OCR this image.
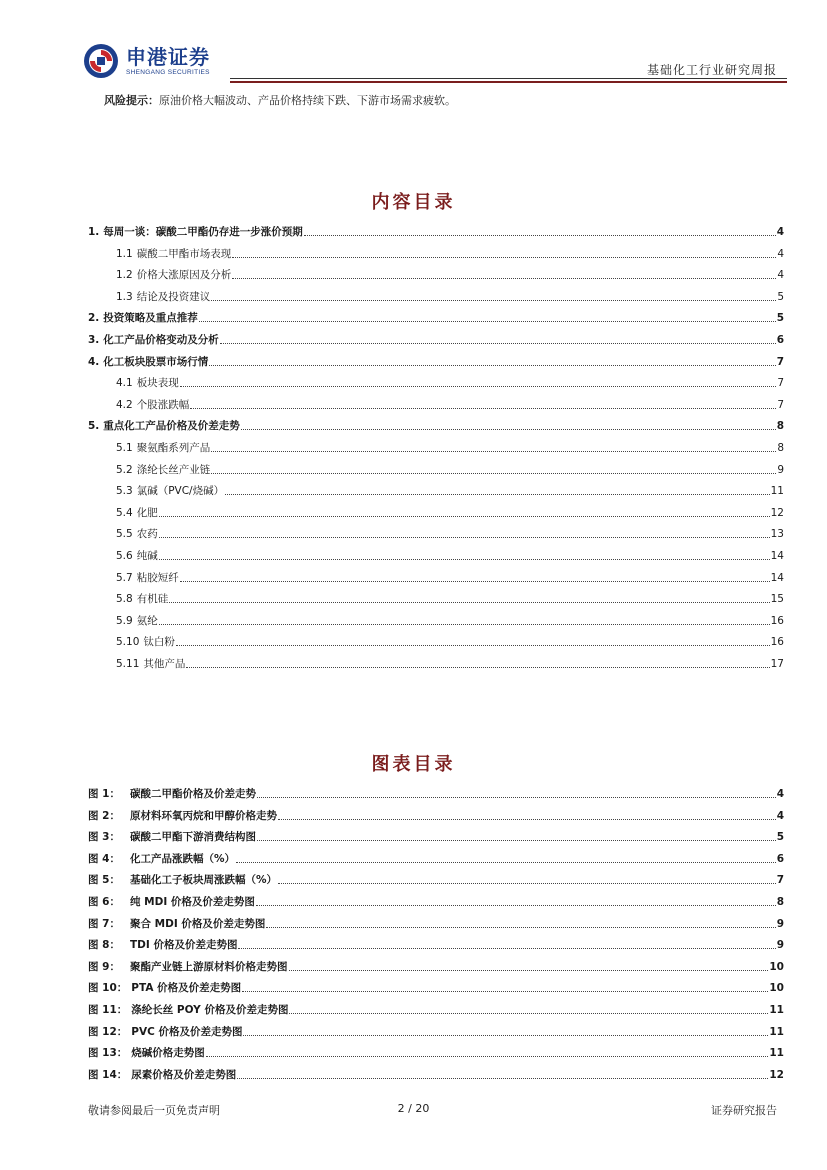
申港证券
SHENGANG SECURITIES	基础化工行业研究周报
风险提示：原油价格大幅波动、产品价格持续下跌、下游市场需求疲软。
内容目录
1. 每周一谈：碳酸二甲酯仍存进一步涨价预期	4
1.1 碳酸二甲酯市场表现	4
1.2 价格大涨原因及分析	4
1.3 结论及投资建议	5
2. 投资策略及重点推荐	5
3. 化工产品价格变动及分析	6
4. 化工板块股票市场行情	7
4.1 板块表现	7
4.2 个股涨跌幅	7
5. 重点化工产品价格及价差走势	8
5.1 聚氨酯系列产品	8
5.2 涤纶长丝产业链	9
5.3 氯碱（PVC/烧碱）	11
5.4 化肥	12
5.5 农药	13
5.6 纯碱	14
5.7 粘胶短纤	14
5.8 有机硅	15
5.9 氨纶	16
5.10 钛白粉	16
5.11 其他产品	17
图表目录
图 1： 碳酸二甲酯价格及价差走势	4
图 2： 原材料环氧丙烷和甲醇价格走势	4
图 3： 碳酸二甲酯下游消费结构图	5
图 4： 化工产品涨跌幅（%）	6
图 5： 基础化工子板块周涨跌幅（%）	7
图 6： 纯 MDI 价格及价差走势图	8
图 7： 聚合 MDI 价格及价差走势图	9
图 8： TDI 价格及价差走势图	9
图 9： 聚酯产业链上游原材料价格走势图	10
图 10： PTA 价格及价差走势图	10
图 11： 涤纶长丝 POY 价格及价差走势图	11
图 12： PVC 价格及价差走势图	11
图 13： 烧碱价格走势图	11
图 14： 尿素价格及价差走势图	12
敬请参阅最后一页免责声明	2 / 20	证券研究报告
